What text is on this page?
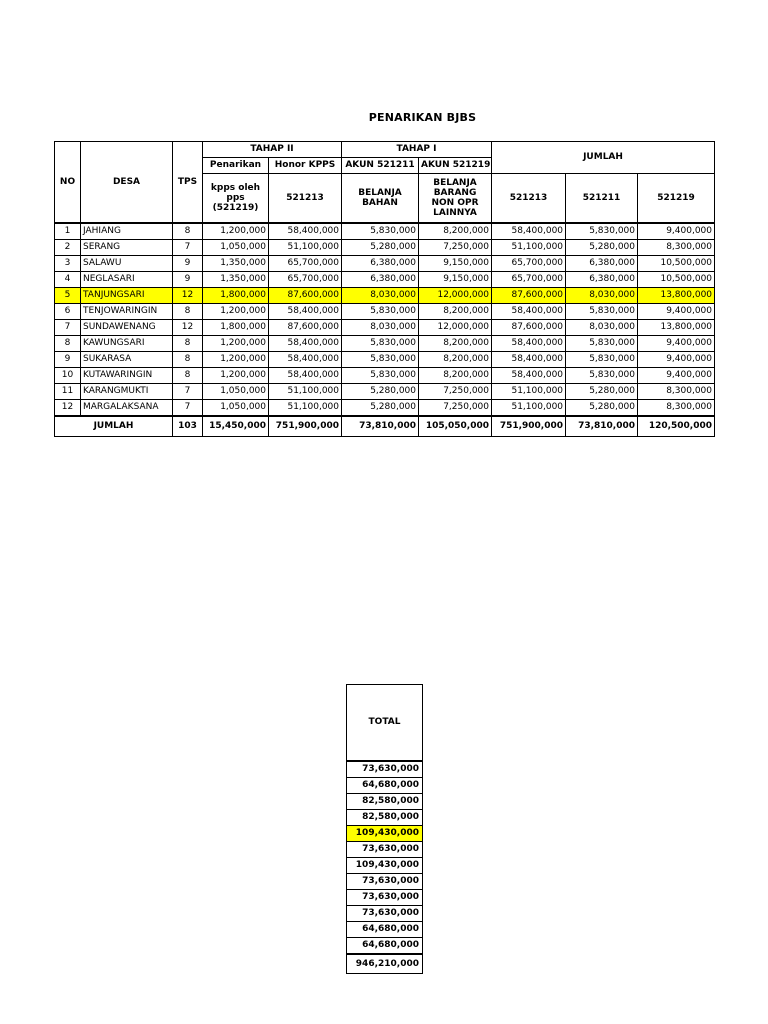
PENARIKAN BJBS
NO	DESA	TPS	TAHAP II		TAHAP I		JUMLAH		
			Penarikan	Honor KPPS	AKUN 521211	AKUN 521219			
			kpps oleh pps (521219)	521213	BELANJA BAHAN	BELANJA BARANG NON OPR LAINNYA	521213	521211	521219
1	JAHIANG	8	1,200,000	58,400,000	5,830,000	8,200,000	58,400,000	5,830,000	9,400,000
2	SERANG	7	1,050,000	51,100,000	5,280,000	7,250,000	51,100,000	5,280,000	8,300,000
3	SALAWU	9	1,350,000	65,700,000	6,380,000	9,150,000	65,700,000	6,380,000	10,500,000
4	NEGLASARI	9	1,350,000	65,700,000	6,380,000	9,150,000	65,700,000	6,380,000	10,500,000
5	TANJUNGSARI	12	1,800,000	87,600,000	8,030,000	12,000,000	87,600,000	8,030,000	13,800,000
6	TENJOWARINGIN	8	1,200,000	58,400,000	5,830,000	8,200,000	58,400,000	5,830,000	9,400,000
7	SUNDAWENANG	12	1,800,000	87,600,000	8,030,000	12,000,000	87,600,000	8,030,000	13,800,000
8	KAWUNGSARI	8	1,200,000	58,400,000	5,830,000	8,200,000	58,400,000	5,830,000	9,400,000
9	SUKARASA	8	1,200,000	58,400,000	5,830,000	8,200,000	58,400,000	5,830,000	9,400,000
10	KUTAWARINGIN	8	1,200,000	58,400,000	5,830,000	8,200,000	58,400,000	5,830,000	9,400,000
11	KARANGMUKTI	7	1,050,000	51,100,000	5,280,000	7,250,000	51,100,000	5,280,000	8,300,000
12	MARGALAKSANA	7	1,050,000	51,100,000	5,280,000	7,250,000	51,100,000	5,280,000	8,300,000
JUMLAH		103	15,450,000	751,900,000	73,810,000	105,050,000	751,900,000	73,810,000	120,500,000
TOTAL
73,630,000
64,680,000
82,580,000
82,580,000
109,430,000
73,630,000
109,430,000
73,630,000
73,630,000
73,630,000
64,680,000
64,680,000
946,210,000
